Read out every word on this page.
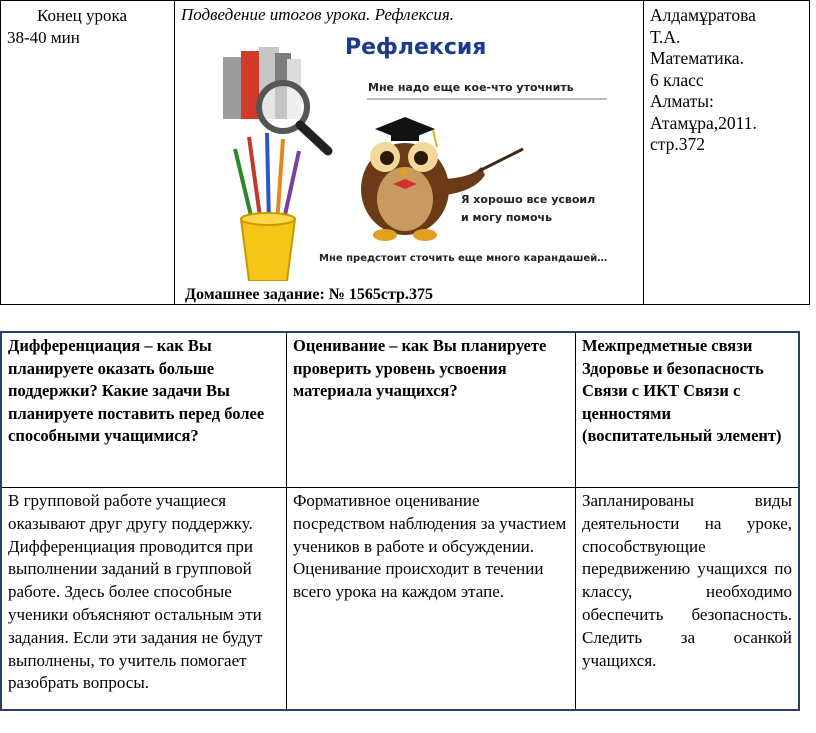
Конец урока
38-40 мин
Подведение итогов урока. Рефлексия.
Рефлексия
Мне надо еще кое-что уточнить
Я хорошо все усвоил
и могу помочь
Мне предстоит сточить еще много карандашей…
Домашнее задание: № 1565стр.375
Алдамұратова
Т.А.
Математика.
6 класс
Алматы:
Атамұра,2011.
стр.372
Дифференциация – как Вы планируете оказать больше поддержки? Какие задачи Вы планируете поставить перед более способными учащимися?
В групповой работе учащиеся оказывают друг другу поддержку. Дифференциация проводится при выполнении заданий в групповой работе. Здесь более способные ученики объясняют остальным эти задания. Если эти задания не будут выполнены, то учитель помогает разобрать вопросы.
Оценивание – как Вы планируете проверить уровень усвоения материала учащихся?
Формативное оценивание посредством наблюдения за участием учеников в работе и обсуждении. Оценивание происходит в течении всего урока на каждом этапе.
Межпредметные связи Здоровье и безопасность Связи с ИКТ Связи с ценностями (воспитательный элемент)
Запланированы виды деятельности на уроке, способствующие передвижению учащихся по классу, необходимо обеспечить безопасность. Следить за осанкой учащихся.
